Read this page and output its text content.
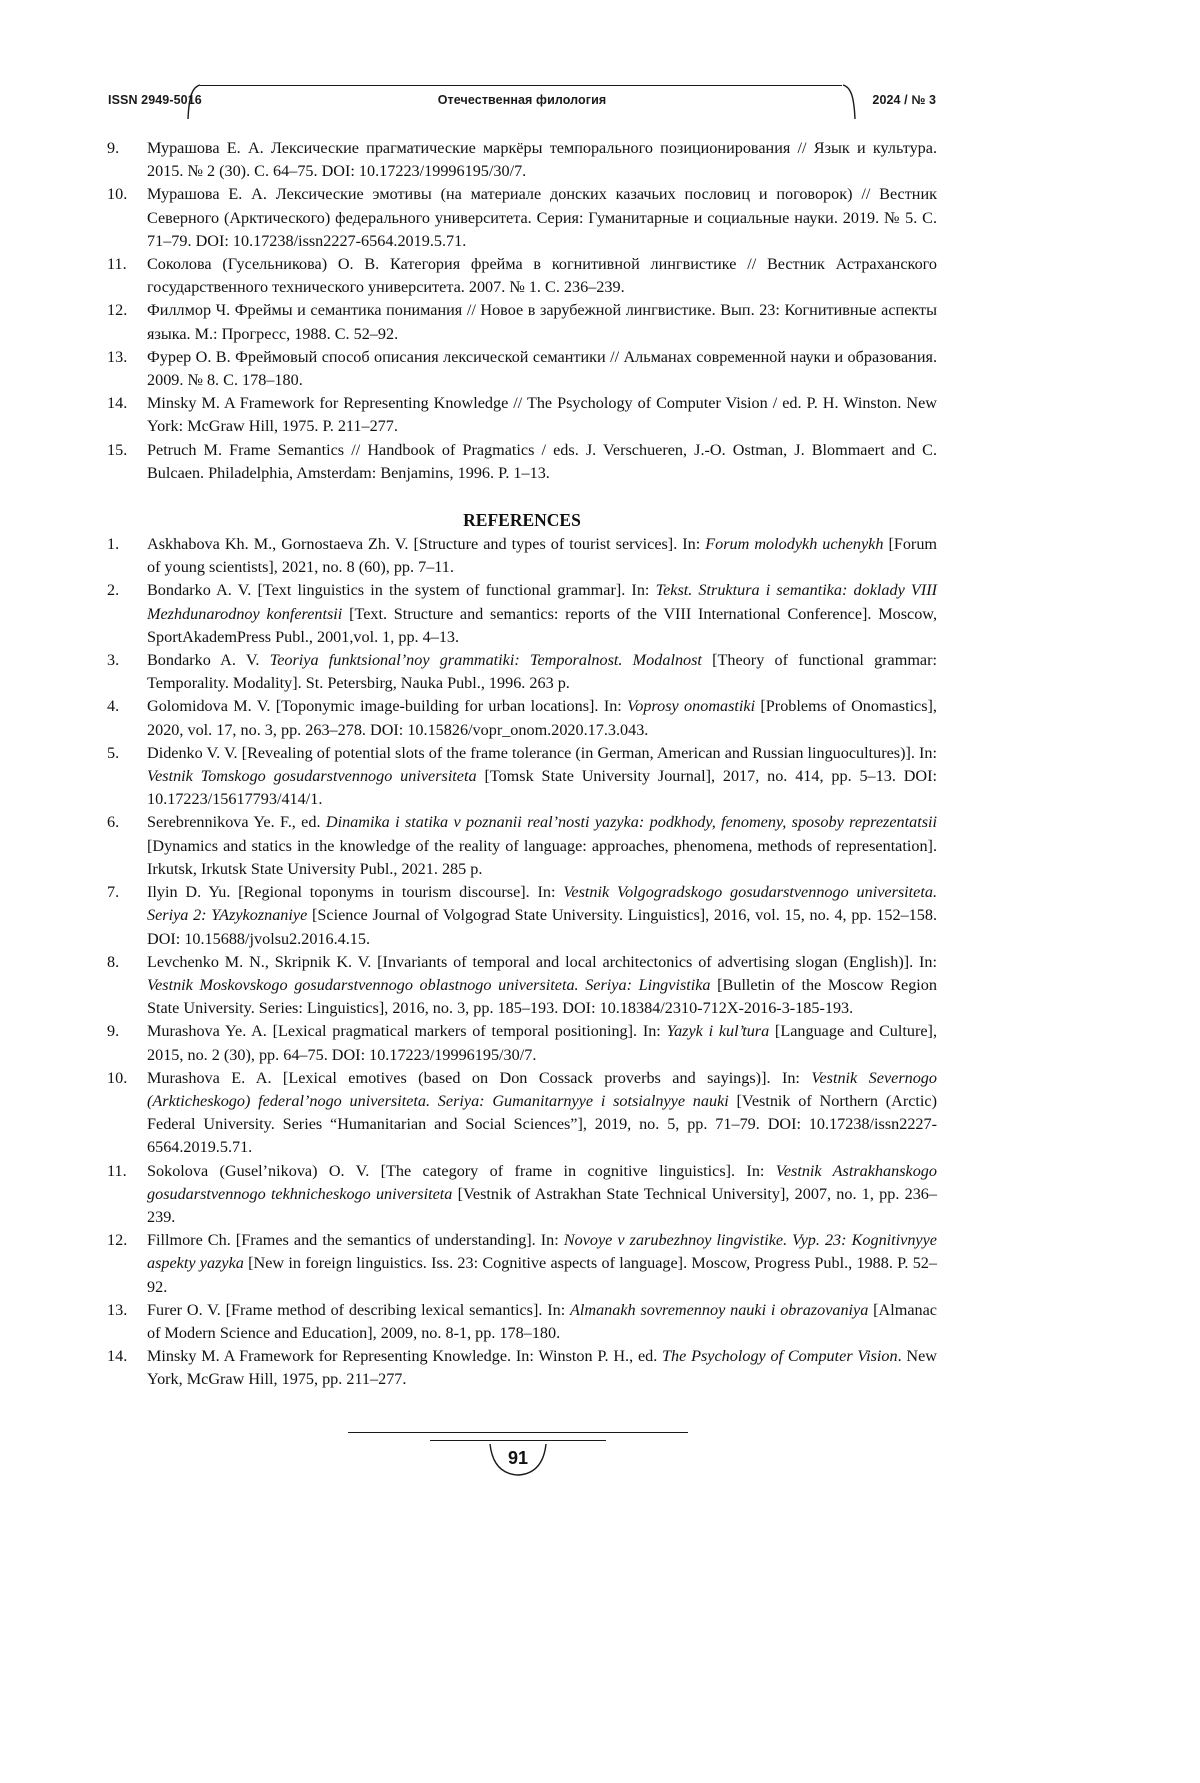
ISSN 2949-5016	Отечественная филология	2024 / № 3
9. Мурашова Е. А. Лексические прагматические маркёры темпорального позиционирования // Язык и культура. 2015. № 2 (30). С. 64–75. DOI: 10.17223/19996195/30/7.
10. Мурашова Е. А. Лексические эмотивы (на материале донских казачьих пословиц и поговорок) // Вестник Северного (Арктического) федерального университета. Серия: Гуманитарные и социальные науки. 2019. № 5. С. 71–79. DOI: 10.17238/issn2227-6564.2019.5.71.
11. Соколова (Гусельникова) О. В. Категория фрейма в когнитивной лингвистике // Вестник Астраханского государственного технического университета. 2007. № 1. С. 236–239.
12. Филлмор Ч. Фреймы и семантика понимания // Новое в зарубежной лингвистике. Вып. 23: Когнитивные аспекты языка. М.: Прогресс, 1988. С. 52–92.
13. Фурер О. В. Фреймовый способ описания лексической семантики // Альманах современной науки и образования. 2009. № 8. С. 178–180.
14. Minsky M. A Framework for Representing Knowledge // The Psychology of Computer Vision / ed. P. H. Winston. New York: McGraw Hill, 1975. P. 211–277.
15. Petruch M. Frame Semantics // Handbook of Pragmatics / eds. J. Verschueren, J.-O. Ostman, J. Blommaert and C. Bulcaen. Philadelphia, Amsterdam: Benjamins, 1996. P. 1–13.
REFERENCES
1. Askhabova Kh. M., Gornostaeva Zh. V. [Structure and types of tourist services]. In: Forum molodykh uchenykh [Forum of young scientists], 2021, no. 8 (60), pp. 7–11.
2. Bondarko A. V. [Text linguistics in the system of functional grammar]. In: Tekst. Struktura i semantika: doklady VIII Mezhdunarodnoy konferentsii [Text. Structure and semantics: reports of the VIII International Conference]. Moscow, SportAkademPress Publ., 2001,vol. 1, pp. 4–13.
3. Bondarko A. V. Teoriya funktsional’noy grammatiki: Temporalnost. Modalnost [Theory of functional grammar: Temporality. Modality]. St. Petersbirg, Nauka Publ., 1996. 263 p.
4. Golomidova M. V. [Toponymic image-building for urban locations]. In: Voprosy onomastiki [Problems of Onomastics], 2020, vol. 17, no. 3, pp. 263–278. DOI: 10.15826/vopr_onom.2020.17.3.043.
5. Didenko V. V. [Revealing of potential slots of the frame tolerance (in German, American and Russian linguocultures)]. In: Vestnik Tomskogo gosudarstvennogo universiteta [Tomsk State University Journal], 2017, no. 414, pp. 5–13. DOI: 10.17223/15617793/414/1.
6. Serebrennikova Ye. F., ed. Dinamika i statika v poznanii real’nosti yazyka: podkhody, fenomeny, sposoby reprezentatsii [Dynamics and statics in the knowledge of the reality of language: approaches, phenomena, methods of representation]. Irkutsk, Irkutsk State University Publ., 2021. 285 p.
7. Ilyin D. Yu. [Regional toponyms in tourism discourse]. In: Vestnik Volgogradskogo gosudarstvennogo universiteta. Seriya 2: YAzykoznaniye [Science Journal of Volgograd State University. Linguistics], 2016, vol. 15, no. 4, pp. 152–158. DOI: 10.15688/jvolsu2.2016.4.15.
8. Levchenko M. N., Skripnik K. V. [Invariants of temporal and local architectonics of advertising slogan (English)]. In: Vestnik Moskovskogo gosudarstvennogo oblastnogo universiteta. Seriya: Lingvistika [Bulletin of the Moscow Region State University. Series: Linguistics], 2016, no. 3, pp. 185–193. DOI: 10.18384/2310-712X-2016-3-185-193.
9. Murashova Ye. A. [Lexical pragmatical markers of temporal positioning]. In: Yazyk i kul’tura [Language and Culture], 2015, no. 2 (30), pp. 64–75. DOI: 10.17223/19996195/30/7.
10. Murashova E. A. [Lexical emotives (based on Don Cossack proverbs and sayings)]. In: Vestnik Severnogo (Arkticheskogo) federal’nogo universiteta. Seriya: Gumanitarnyye i sotsialnyye nauki [Vestnik of Northern (Arctic) Federal University. Series “Humanitarian and Social Sciences”], 2019, no. 5, pp. 71–79. DOI: 10.17238/issn2227-6564.2019.5.71.
11. Sokolova (Gusel’nikova) O. V. [The category of frame in cognitive linguistics]. In: Vestnik Astrakhanskogo gosudarstvennogo tekhnicheskogo universiteta [Vestnik of Astrakhan State Technical University], 2007, no. 1, pp. 236–239.
12. Fillmore Ch. [Frames and the semantics of understanding]. In: Novoye v zarubezhnoy lingvistike. Vyp. 23: Kognitivnyye aspekty yazyka [New in foreign linguistics. Iss. 23: Cognitive aspects of language]. Moscow, Progress Publ., 1988. P. 52–92.
13. Furer O. V. [Frame method of describing lexical semantics]. In: Almanakh sovremennoy nauki i obrazovaniya [Almanac of Modern Science and Education], 2009, no. 8-1, pp. 178–180.
14. Minsky M. A Framework for Representing Knowledge. In: Winston P. H., ed. The Psychology of Computer Vision. New York, McGraw Hill, 1975, pp. 211–277.
91
